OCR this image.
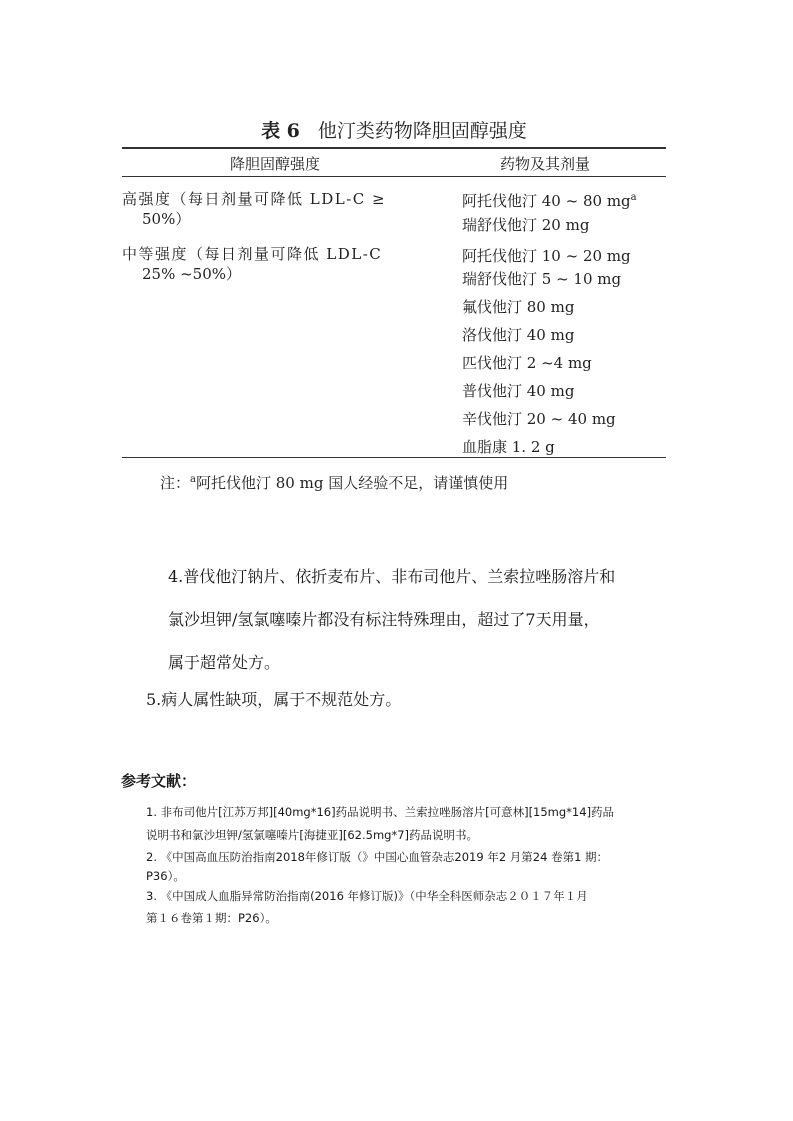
表 6 他汀类药物降胆固醇强度
降胆固醇强度	药物及其剂量
高强度（每日剂量可降低 LDL-C ≥
50%）
阿托伐他汀 40 ~ 80 $mg^a$
瑞舒伐他汀 20 mg
中等强度（每日剂量可降低 LDL-C
25% ~50%）
阿托伐他汀 10 ~ 20 mg
瑞舒伐他汀 5 ~ 10 mg
氟伐他汀 80 mg
洛伐他汀 40 mg
匹伐他汀 2 ~4 mg
普伐他汀 40 mg
辛伐他汀 20 ~ 40 mg
血脂康 1. 2 g
注：$^a$阿托伐他汀 80 mg 国人经验不足，请谨慎使用
4.普伐他汀钠片、依折麦布片、非布司他片、兰索拉唑肠溶片和
氯沙坦钾/氢氯噻嗪片都没有标注特殊理由，超过了7天用量，
属于超常处方。
5.病人属性缺项，属于不规范处方。
参考文献：
1. 非布司他片[江苏万邦][40mg*16]药品说明书、兰索拉唑肠溶片[可意林][15mg*14]药品
说明书和氯沙坦钾/氢氯噻嗪片[海捷亚][62.5mg*7]药品说明书。
2. 《中国高血压防治指南2018年修订版（》中国心血管杂志2019 年2 月第24 卷第1 期：
P36）。
3. 《中国成人血脂异常防治指南(2016 年修订版)》（中华全科医师杂志２０１７年１月
第１６卷第１期：P26）。
